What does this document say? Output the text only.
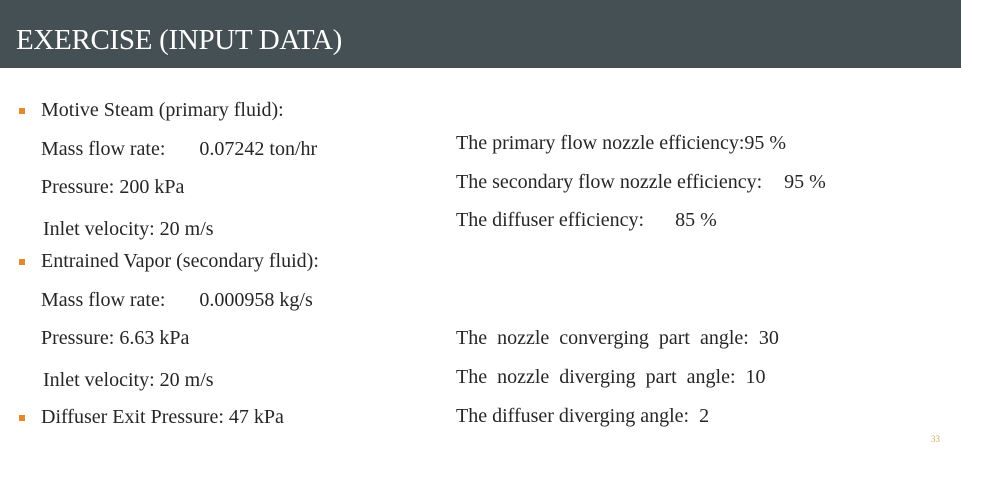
EXERCISE (INPUT DATA)
Motive Steam (primary fluid):
Mass flow rate: 0.07242 ton/hr
Pressure: 200 kPa
Inlet velocity: 20 m/s
Entrained Vapor (secondary fluid):
Mass flow rate: 0.000958 kg/s
Pressure: 6.63 kPa
Inlet velocity: 20 m/s
Diffuser Exit Pressure: 47 kPa
The primary flow nozzle efficiency:95 %
The secondary flow nozzle efficiency: 95 %
The diffuser efficiency: 85 %
The  nozzle  converging  part  angle:  30
The  nozzle  diverging  part  angle:  10
The diffuser diverging angle:  2
33
